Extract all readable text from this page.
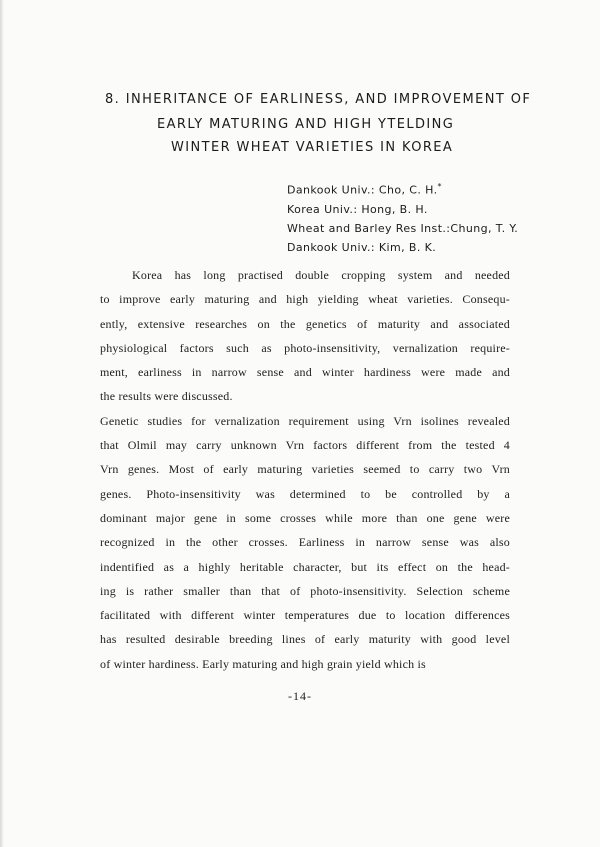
8. INHERITANCE OF EARLINESS, AND IMPROVEMENT OF
EARLY MATURING AND HIGH YTELDING
WINTER WHEAT VARIETIES IN KOREA
Dankook Univ.: Cho, C. H.*
Korea Univ.: Hong, B. H.
Wheat and Barley Res Inst.:Chung, T. Y.
Dankook Univ.: Kim, B. K.
Korea has long practised double cropping system and needed
to improve early maturing and high yielding wheat varieties. Consequ-
ently, extensive researches on the genetics of maturity and associated
physiological factors such as photo-insensitivity, vernalization require-
ment, earliness in narrow sense and winter hardiness were made and
the results were discussed.
Genetic studies for vernalization requirement using Vrn isolines revealed
that Olmil may carry unknown Vrn factors different from the tested 4
Vrn genes. Most of early maturing varieties seemed to carry two Vrn
genes. Photo-insensitivity was determined to be controlled by a
dominant major gene in some crosses while more than one gene were
recognized in the other crosses. Earliness in narrow sense was also
indentified as a highly heritable character, but its effect on the head-
ing is rather smaller than that of photo-insensitivity. Selection scheme
facilitated with different winter temperatures due to location differences
has resulted desirable breeding lines of early maturity with good level
of winter hardiness. Early maturing and high grain yield which is
-14-
